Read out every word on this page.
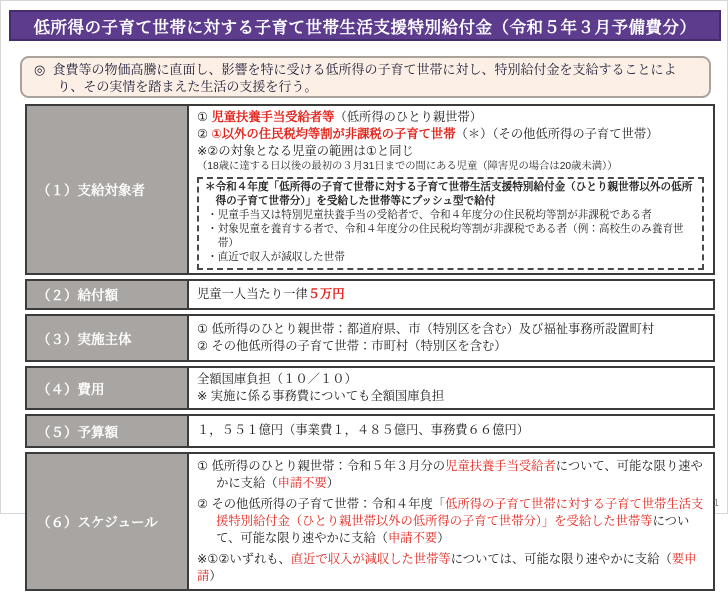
低所得の子育て世帯に対する子育て世帯生活支援特別給付金（令和５年３月予備費分）
◎ 食費等の物価高騰に直面し、影響を特に受ける低所得の子育て世帯に対し、特別給付金を支給することにより、その実情を踏まえた生活の支援を行う。
（１）支給対象者
① 児童扶養手当受給者等（低所得のひとり親世帯）
② ①以外の住民税均等割が非課税の子育て世帯（＊）（その他低所得の子育て世帯）
※②の対象となる児童の範囲は①と同じ
（18歳に達する日以後の最初の３月31日までの間にある児童（障害児の場合は20歳未満））
＊令和４年度「低所得の子育て世帯に対する子育て世帯生活支援特別給付金（ひとり親世帯以外の低所得の子育て世帯分）」を受給した世帯等にプッシュ型で給付
・児童手当又は特別児童扶養手当の受給者で、令和４年度分の住民税均等割が非課税である者
・対象児童を養育する者で、令和４年度分の住民税均等割が非課税である者（例：高校生のみ養育世帯）
・直近で収入が減収した世帯
（２）給付額	児童一人当たり一律５万円
（３）実施主体
① 低所得のひとり親世帯：都道府県、市（特別区を含む）及び福祉事務所設置町村
② その他低所得の子育て世帯：市町村（特別区を含む）
（４）費用
全額国庫負担（１０／１０）
※ 実施に係る事務費についても全額国庫負担
（５）予算額	１，５５１億円（事業費１，４８５億円、事務費６６億円）
（６）スケジュール
① 低所得のひとり親世帯：令和５年３月分の児童扶養手当受給者について、可能な限り速やかに支給（申請不要）
② その他低所得の子育て世帯：令和４年度「低所得の子育て世帯に対する子育て世帯生活支援特別給付金（ひとり親世帯以外の低所得の子育て世帯分）」を受給した世帯等について、可能な限り速やかに支給（申請不要）
※①②いずれも、直近で収入が減収した世帯等については、可能な限り速やかに支給（要申請）
1
